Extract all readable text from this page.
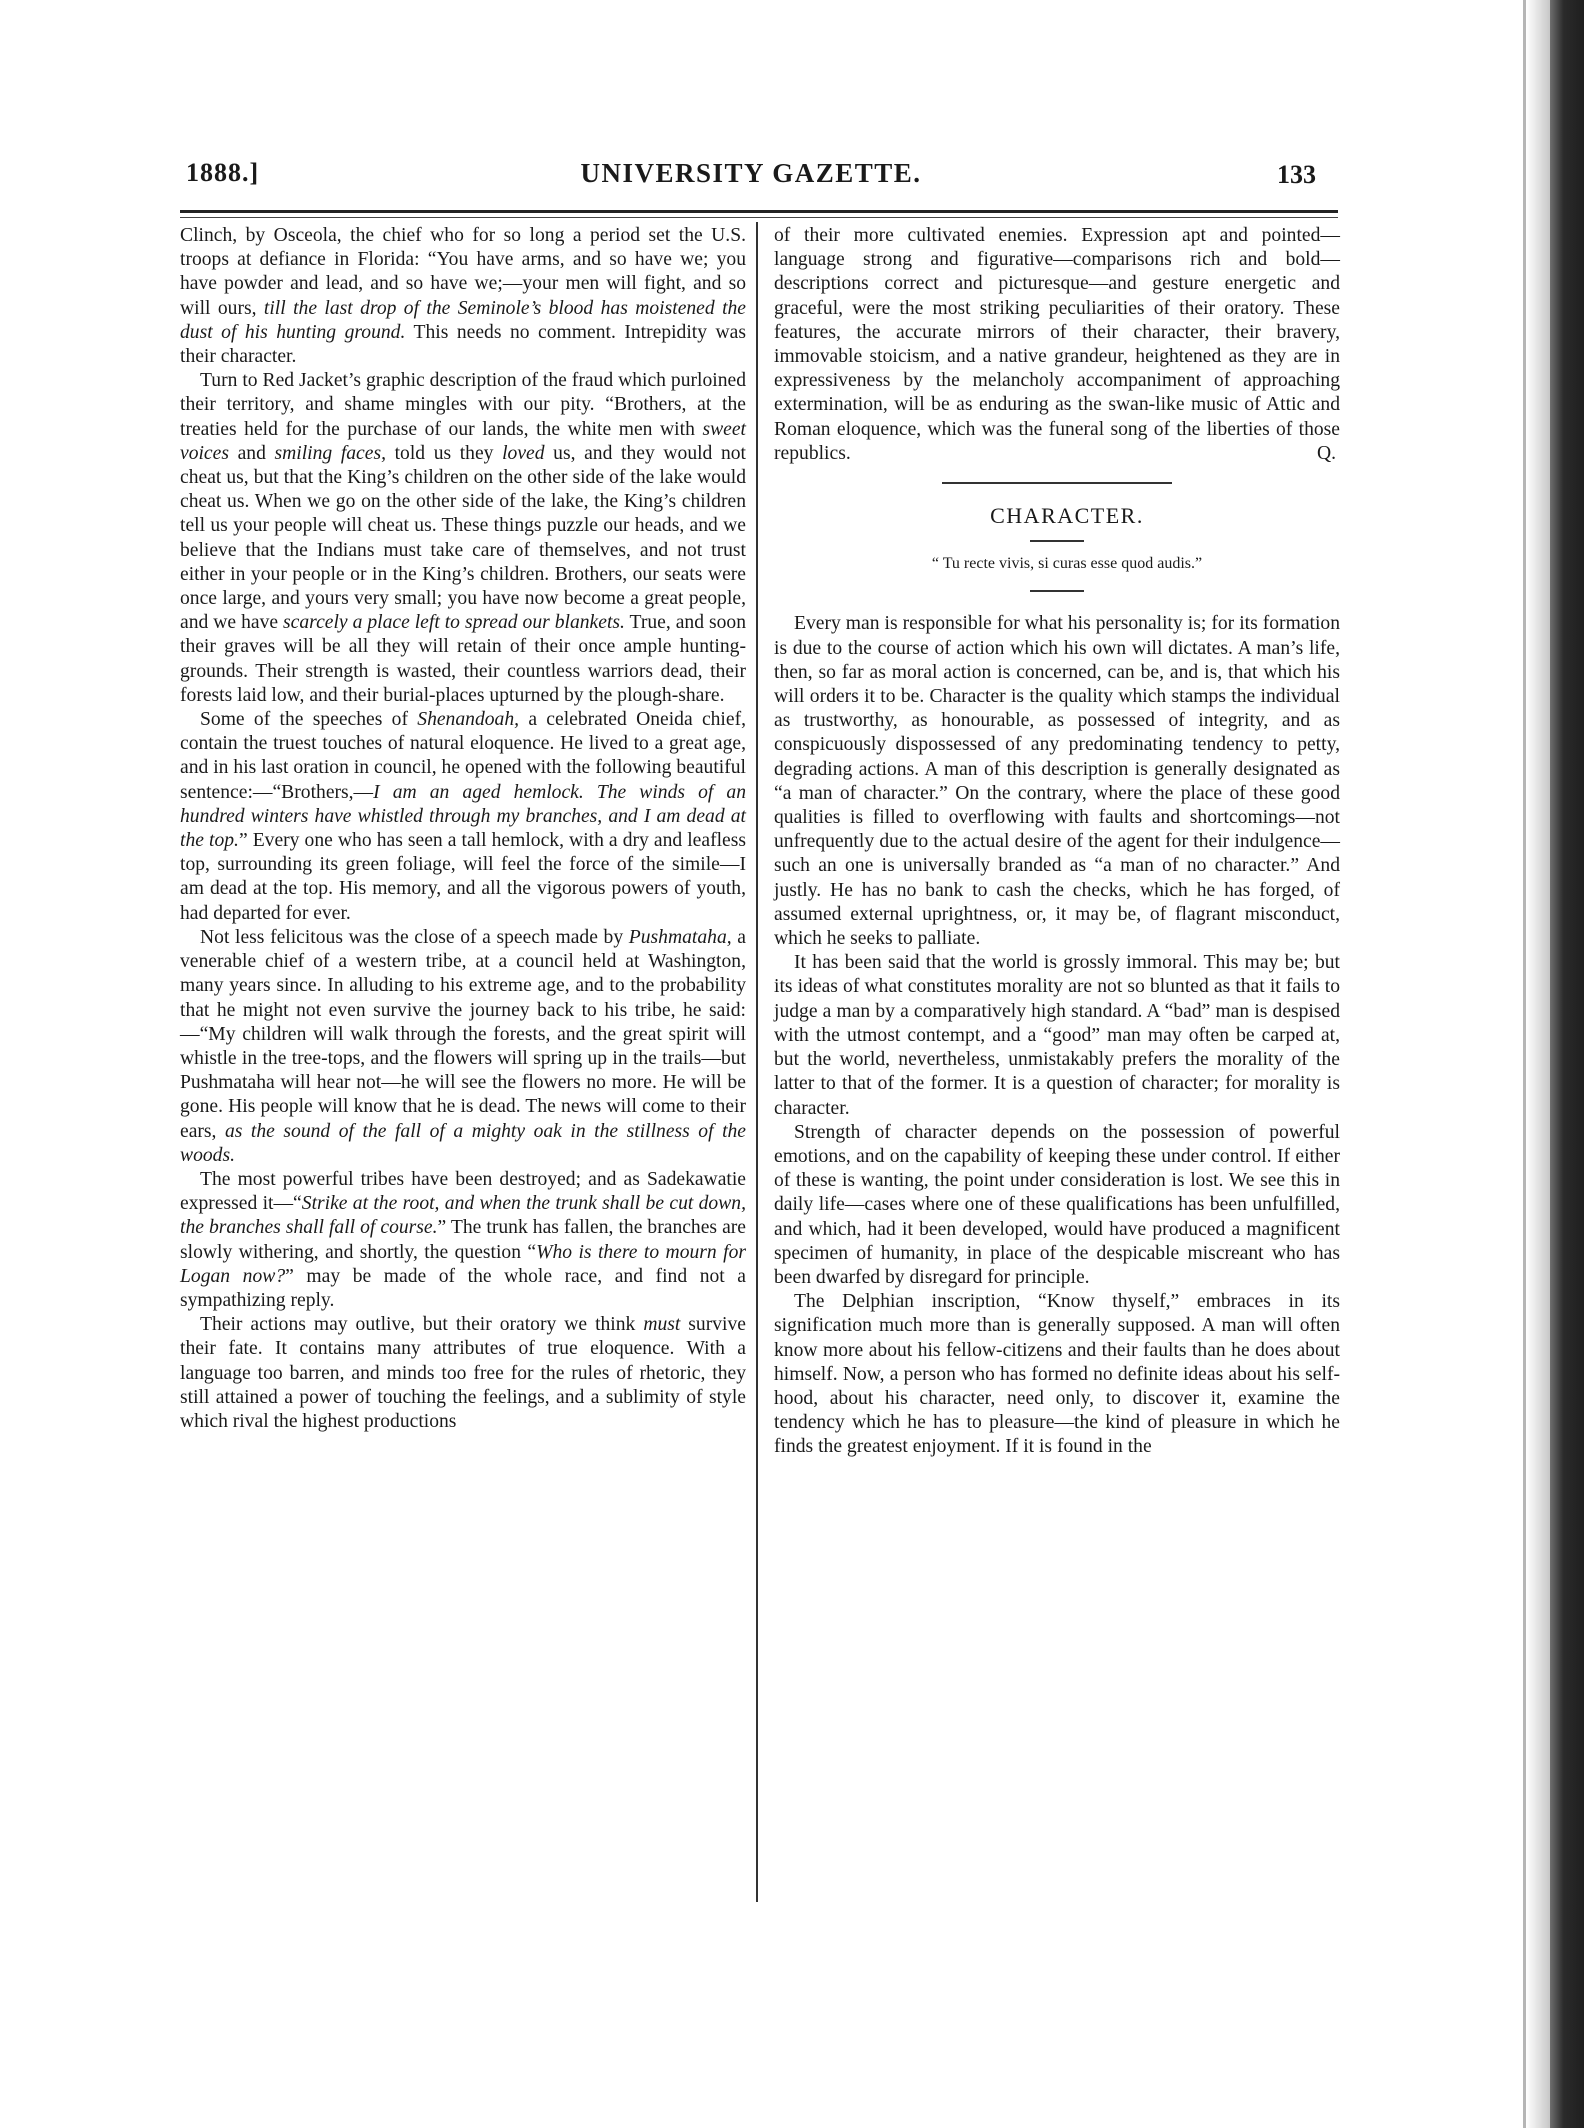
1888.]	UNIVERSITY GAZETTE.	133

Clinch, by Osceola, the chief who for so long a period set the U.S. troops at defiance in Florida: “You have arms, and so have we; you have powder and lead, and so have we;—your men will fight, and so will ours, till the last drop of the Seminole’s blood has moistened the dust of his hunting ground. This needs no comment. Intrepidity was their character.

Turn to Red Jacket’s graphic description of the fraud which purloined their territory, and shame mingles with our pity. “Brothers, at the treaties held for the purchase of our lands, the white men with sweet voices and smiling faces, told us they loved us, and they would not cheat us, but that the King’s children on the other side of the lake would cheat us. When we go on the other side of the lake, the King’s children tell us your people will cheat us. These things puzzle our heads, and we believe that the Indians must take care of themselves, and not trust either in your people or in the King’s children. Brothers, our seats were once large, and yours very small; you have now become a great people, and we have scarcely a place left to spread our blankets. True, and soon their graves will be all they will retain of their once ample hunting-grounds. Their strength is wasted, their countless warriors dead, their forests laid low, and their burial-places upturned by the plough-share.

Some of the speeches of Shenandoah, a celebrated Oneida chief, contain the truest touches of natural eloquence. He lived to a great age, and in his last oration in council, he opened with the following beautiful sentence:—“Brothers,—I am an aged hemlock. The winds of an hundred winters have whistled through my branches, and I am dead at the top.” Every one who has seen a tall hemlock, with a dry and leafless top, surrounding its green foliage, will feel the force of the simile—I am dead at the top. His memory, and all the vigorous powers of youth, had departed for ever.

Not less felicitous was the close of a speech made by Pushmataha, a venerable chief of a western tribe, at a council held at Washington, many years since. In alluding to his extreme age, and to the probability that he might not even survive the journey back to his tribe, he said:—“My children will walk through the forests, and the great spirit will whistle in the tree-tops, and the flowers will spring up in the trails—but Pushmataha will hear not—he will see the flowers no more. He will be gone. His people will know that he is dead. The news will come to their ears, as the sound of the fall of a mighty oak in the stillness of the woods.

The most powerful tribes have been destroyed; and as Sadekawatie expressed it—“Strike at the root, and when the trunk shall be cut down, the branches shall fall of course.” The trunk has fallen, the branches are slowly withering, and shortly, the question “Who is there to mourn for Logan now?” may be made of the whole race, and find not a sympathizing reply.

Their actions may outlive, but their oratory we think must survive their fate. It contains many attributes of true eloquence. With a language too barren, and minds too free for the rules of rhetoric, they still attained a power of touching the feelings, and a sublimity of style which rival the highest productions

of their more cultivated enemies. Expression apt and pointed—language strong and figurative—comparisons rich and bold—descriptions correct and picturesque—and gesture energetic and graceful, were the most striking peculiarities of their oratory. These features, the accurate mirrors of their character, their bravery, immovable stoicism, and a native grandeur, heightened as they are in expressiveness by the melancholy accompaniment of approaching extermination, will be as enduring as the swan-like music of Attic and Roman eloquence, which was the funeral song of the liberties of those republics.	Q.

CHARACTER.

“ Tu recte vivis, si curas esse quod audis.”

Every man is responsible for what his personality is; for its formation is due to the course of action which his own will dictates. A man’s life, then, so far as moral action is concerned, can be, and is, that which his will orders it to be. Character is the quality which stamps the individual as trustworthy, as honourable, as possessed of integrity, and as conspicuously dispossessed of any predominating tendency to petty, degrading actions. A man of this description is generally designated as “a man of character.” On the contrary, where the place of these good qualities is filled to overflowing with faults and shortcomings—not unfrequently due to the actual desire of the agent for their indulgence—such an one is universally branded as “a man of no character.” And justly. He has no bank to cash the checks, which he has forged, of assumed external uprightness, or, it may be, of flagrant misconduct, which he seeks to palliate.

It has been said that the world is grossly immoral. This may be; but its ideas of what constitutes morality are not so blunted as that it fails to judge a man by a comparatively high standard. A “bad” man is despised with the utmost contempt, and a “good” man may often be carped at, but the world, nevertheless, unmistakably prefers the morality of the latter to that of the former. It is a question of character; for morality is character.

Strength of character depends on the possession of powerful emotions, and on the capability of keeping these under control. If either of these is wanting, the point under consideration is lost. We see this in daily life—cases where one of these qualifications has been unfulfilled, and which, had it been developed, would have produced a magnificent specimen of humanity, in place of the despicable miscreant who has been dwarfed by disregard for principle.

The Delphian inscription, “Know thyself,” embraces in its signification much more than is generally supposed. A man will often know more about his fellow-citizens and their faults than he does about himself. Now, a person who has formed no definite ideas about his self-hood, about his character, need only, to discover it, examine the tendency which he has to pleasure—the kind of pleasure in which he finds the greatest enjoyment. If it is found in the
